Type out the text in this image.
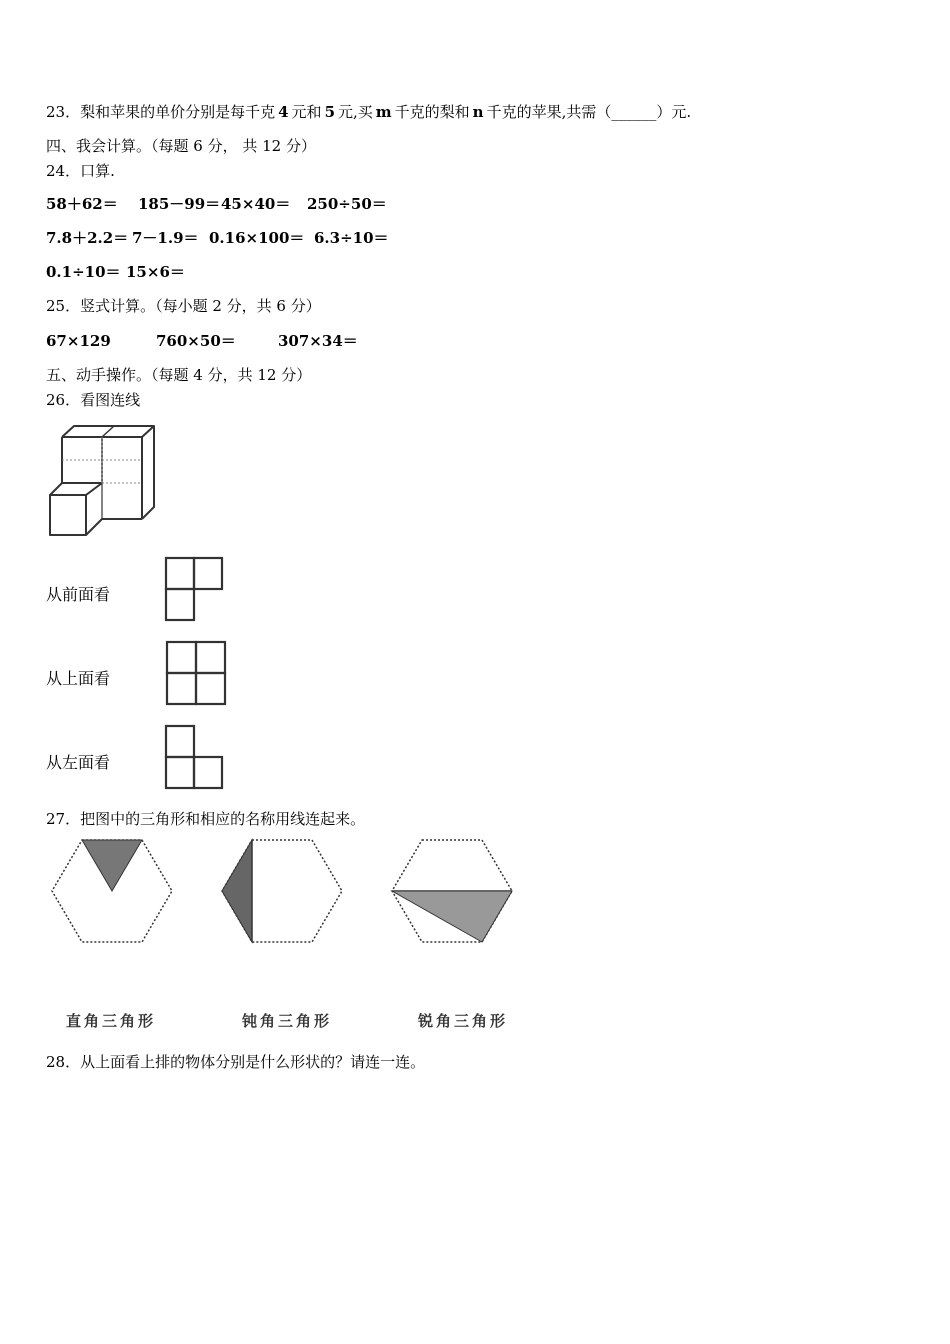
23．梨和苹果的单价分别是每千克 4 元和 5 元,买 m 千克的梨和 n 千克的苹果,共需（______）元.
四、我会计算。（每题 6 分， 共 12 分）
24．口算.
58＋62＝ 185－99＝45×40＝ 250÷50＝
7.8＋2.2＝ 7－1.9＝ 0.16×100＝ 6.3÷10＝
0.1÷10＝ 15×6＝
25．竖式计算。（每小题 2 分，共 6 分）
67×129	760×50＝	307×34＝
五、动手操作。（每题 4 分，共 12 分）
26．看图连线
从前面看
从上面看
从左面看
27．把图中的三角形和相应的名称用线连起来。
直角三角形	钝角三角形	锐角三角形
28．从上面看上排的物体分别是什么形状的？请连一连。
